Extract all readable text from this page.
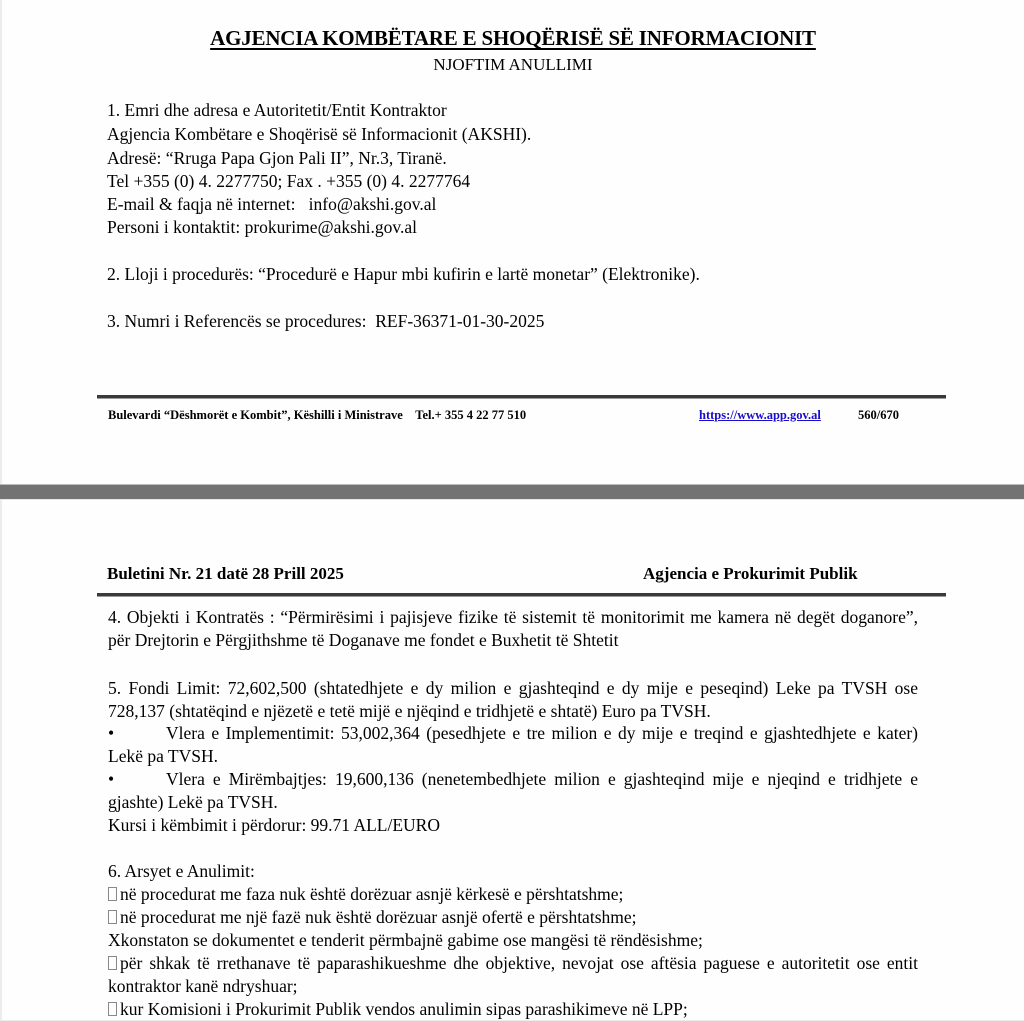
AGJENCIA KOMBËTARE E SHOQËRISË SË INFORMACIONIT
NJOFTIM ANULLIMI
1. Emri dhe adresa e Autoritetit/Entit Kontraktor
Agjencia Kombëtare e Shoqërisë së Informacionit (AKSHI).
Adresë: “Rruga Papa Gjon Pali II”, Nr.3, Tiranë.
Tel +355 (0) 4. 2277750; Fax . +355 (0) 4. 2277764
E-mail & faqja në internet: info@akshi.gov.al
Personi i kontaktit: prokurime@akshi.gov.al
2. Lloji i procedurës: “Procedurë e Hapur mbi kufirin e lartë monetar” (Elektronike).
3. Numri i Referencës se procedures: REF-36371-01-30-2025
Bulevardi “Dëshmorët e Kombit”, Këshilli i Ministrave Tel.+ 355 4 22 77 510	https://www.app.gov.al	560/670
Buletini Nr. 21 datë 28 Prill 2025	Agjencia e Prokurimit Publik
4. Objekti i Kontratës : “Përmirësimi i pajisjeve fizike të sistemit të monitorimit me kamera në degët doganore”, për Drejtorin e Përgjithshme të Doganave me fondet e Buxhetit të Shtetit
5. Fondi Limit: 72,602,500 (shtatedhjete e dy milion e gjashteqind e dy mije e peseqind) Leke pa TVSH ose 728,137 (shtatëqind e njëzetë e tetë mijë e njëqind e tridhjetë e shtatë) Euro pa TVSH.
•	Vlera e Implementimit: 53,002,364 (pesedhjete e tre milion e dy mije e treqind e gjashtedhjete e kater) Lekë pa TVSH.
•	Vlera e Mirëmbajtjes: 19,600,136 (nenetembedhjete milion e gjashteqind mije e njeqind e tridhjete e gjashte) Lekë pa TVSH.
Kursi i këmbimit i përdorur: 99.71 ALL/EURO
6. Arsyet e Anulimit:
në procedurat me faza nuk është dorëzuar asnjë kërkesë e përshtatshme;
në procedurat me një fazë nuk është dorëzuar asnjë ofertë e përshtatshme;
Xkonstaton se dokumentet e tenderit përmbajnë gabime ose mangësi të rëndësishme;
për shkak të rrethanave të paparashikueshme dhe objektive, nevojat ose aftësia paguese e autoritetit ose entit kontraktor kanë ndryshuar;
kur Komisioni i Prokurimit Publik vendos anulimin sipas parashikimeve në LPP;
